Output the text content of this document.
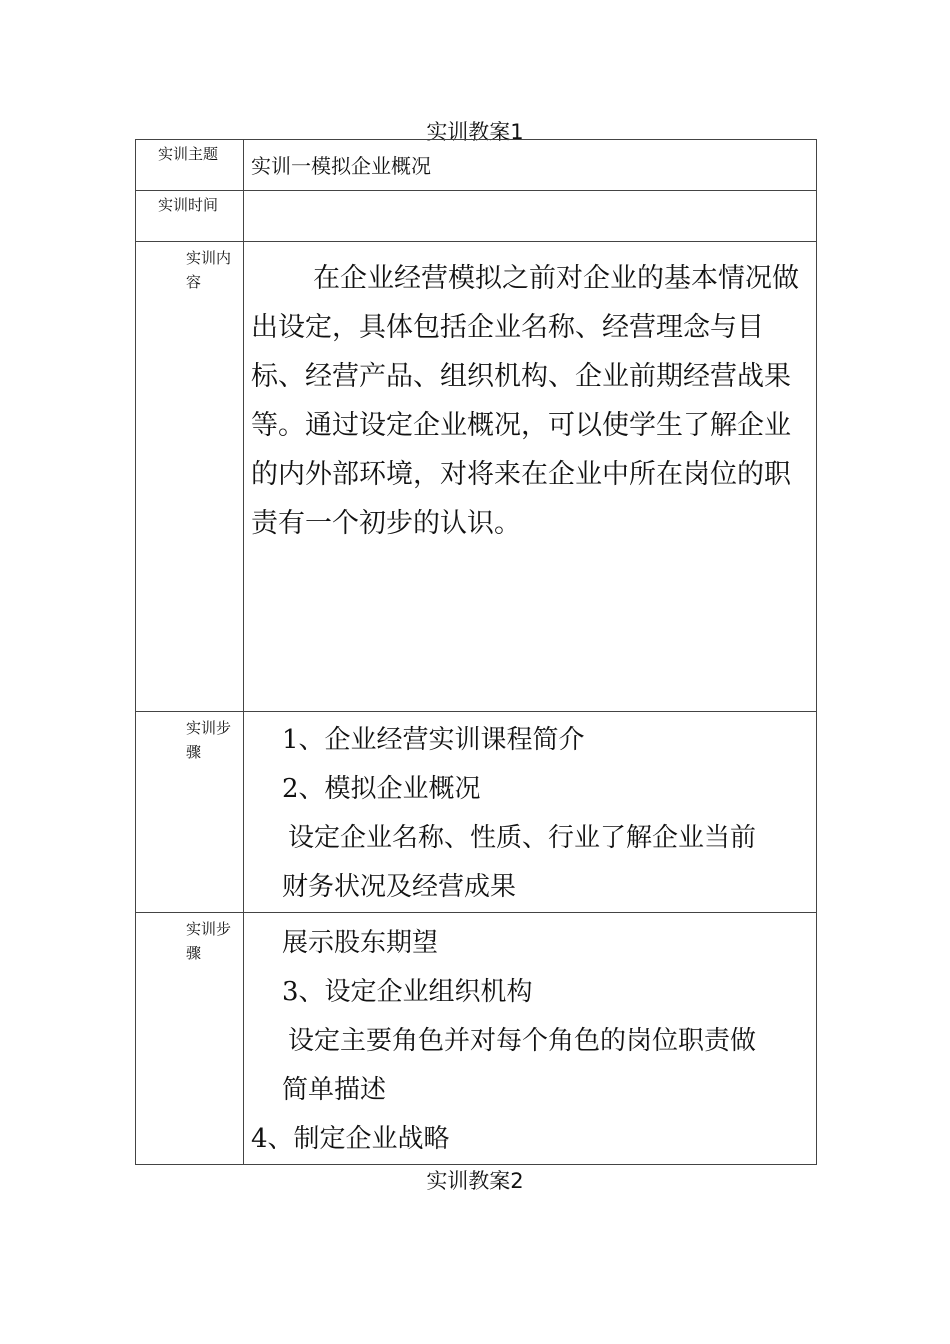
实训教案1
实训主题	实训一模拟企业概况

实训时间	

实训内容	在企业经营模拟之前对企业的基本情况做出设定，具体包括企业名称、经营理念与目标、经营产品、组织机构、企业前期经营战果等。通过设定企业概况，可以使学生了解企业的内外部环境，对将来在企业中所在岗位的职责有一个初步的认识。

实训步骤	1、企业经营实训课程简介

2、模拟企业概况

设定企业名称、性质、行业了解企业当前

财务状况及经营成果

实训步骤	展示股东期望

3、设定企业组织机构

设定主要角色并对每个角色的岗位职责做

简单描述

4、制定企业战略

实训教案2
